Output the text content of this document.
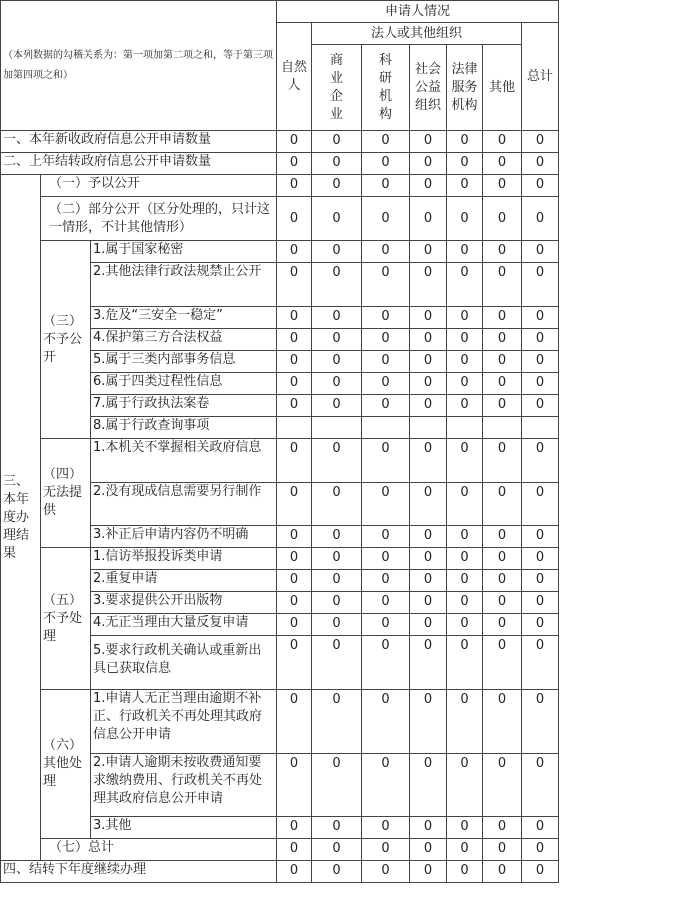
（本列数据的勾稽关系为：第一项加第二项之和，等于第三项加第四项之和）			申请人情况						
			自然人	法人或其他组织					总计
				商业企业	科研机构	社会公益组织	法律服务机构	其他	
一、本年新收政府信息公开申请数量			0	0	0	0	0	0	0
二、上年结转政府信息公开申请数量			0	0	0	0	0	0	0
三、本年度办理结果	（一）予以公开		0	0	0	0	0	0	0
	（二）部分公开（区分处理的，只计这一情形，不计其他情形）		0	0	0	0	0	0	0
	（三）不予公开	1.属于国家秘密	0	0	0	0	0	0	0
		2.其他法律行政法规禁止公开	0	0	0	0	0	0	0
		3.危及“三安全一稳定”	0	0	0	0	0	0	0
		4.保护第三方合法权益	0	0	0	0	0	0	0
		5.属于三类内部事务信息	0	0	0	0	0	0	0
		6.属于四类过程性信息	0	0	0	0	0	0	0
		7.属于行政执法案卷	0	0	0	0	0	0	0
		8.属于行政查询事项							
	（四）无法提供	1.本机关不掌握相关政府信息	0	0	0	0	0	0	0
		2.没有现成信息需要另行制作	0	0	0	0	0	0	0
		3.补正后申请内容仍不明确	0	0	0	0	0	0	0
	（五）不予处理	1.信访举报投诉类申请	0	0	0	0	0	0	0
		2.重复申请	0	0	0	0	0	0	0
		3.要求提供公开出版物	0	0	0	0	0	0	0
		4.无正当理由大量反复申请	0	0	0	0	0	0	0
		5.要求行政机关确认或重新出具已获取信息	0	0	0	0	0	0	0
	（六）其他处理	1.申请人无正当理由逾期不补正、行政机关不再处理其政府信息公开申请	0	0	0	0	0	0	0
		2.申请人逾期未按收费通知要求缴纳费用、行政机关不再处理其政府信息公开申请	0	0	0	0	0	0	0
		3.其他	0	0	0	0	0	0	0
	（七）总计		0	0	0	0	0	0	0
四、结转下年度继续办理			0	0	0	0	0	0	0
